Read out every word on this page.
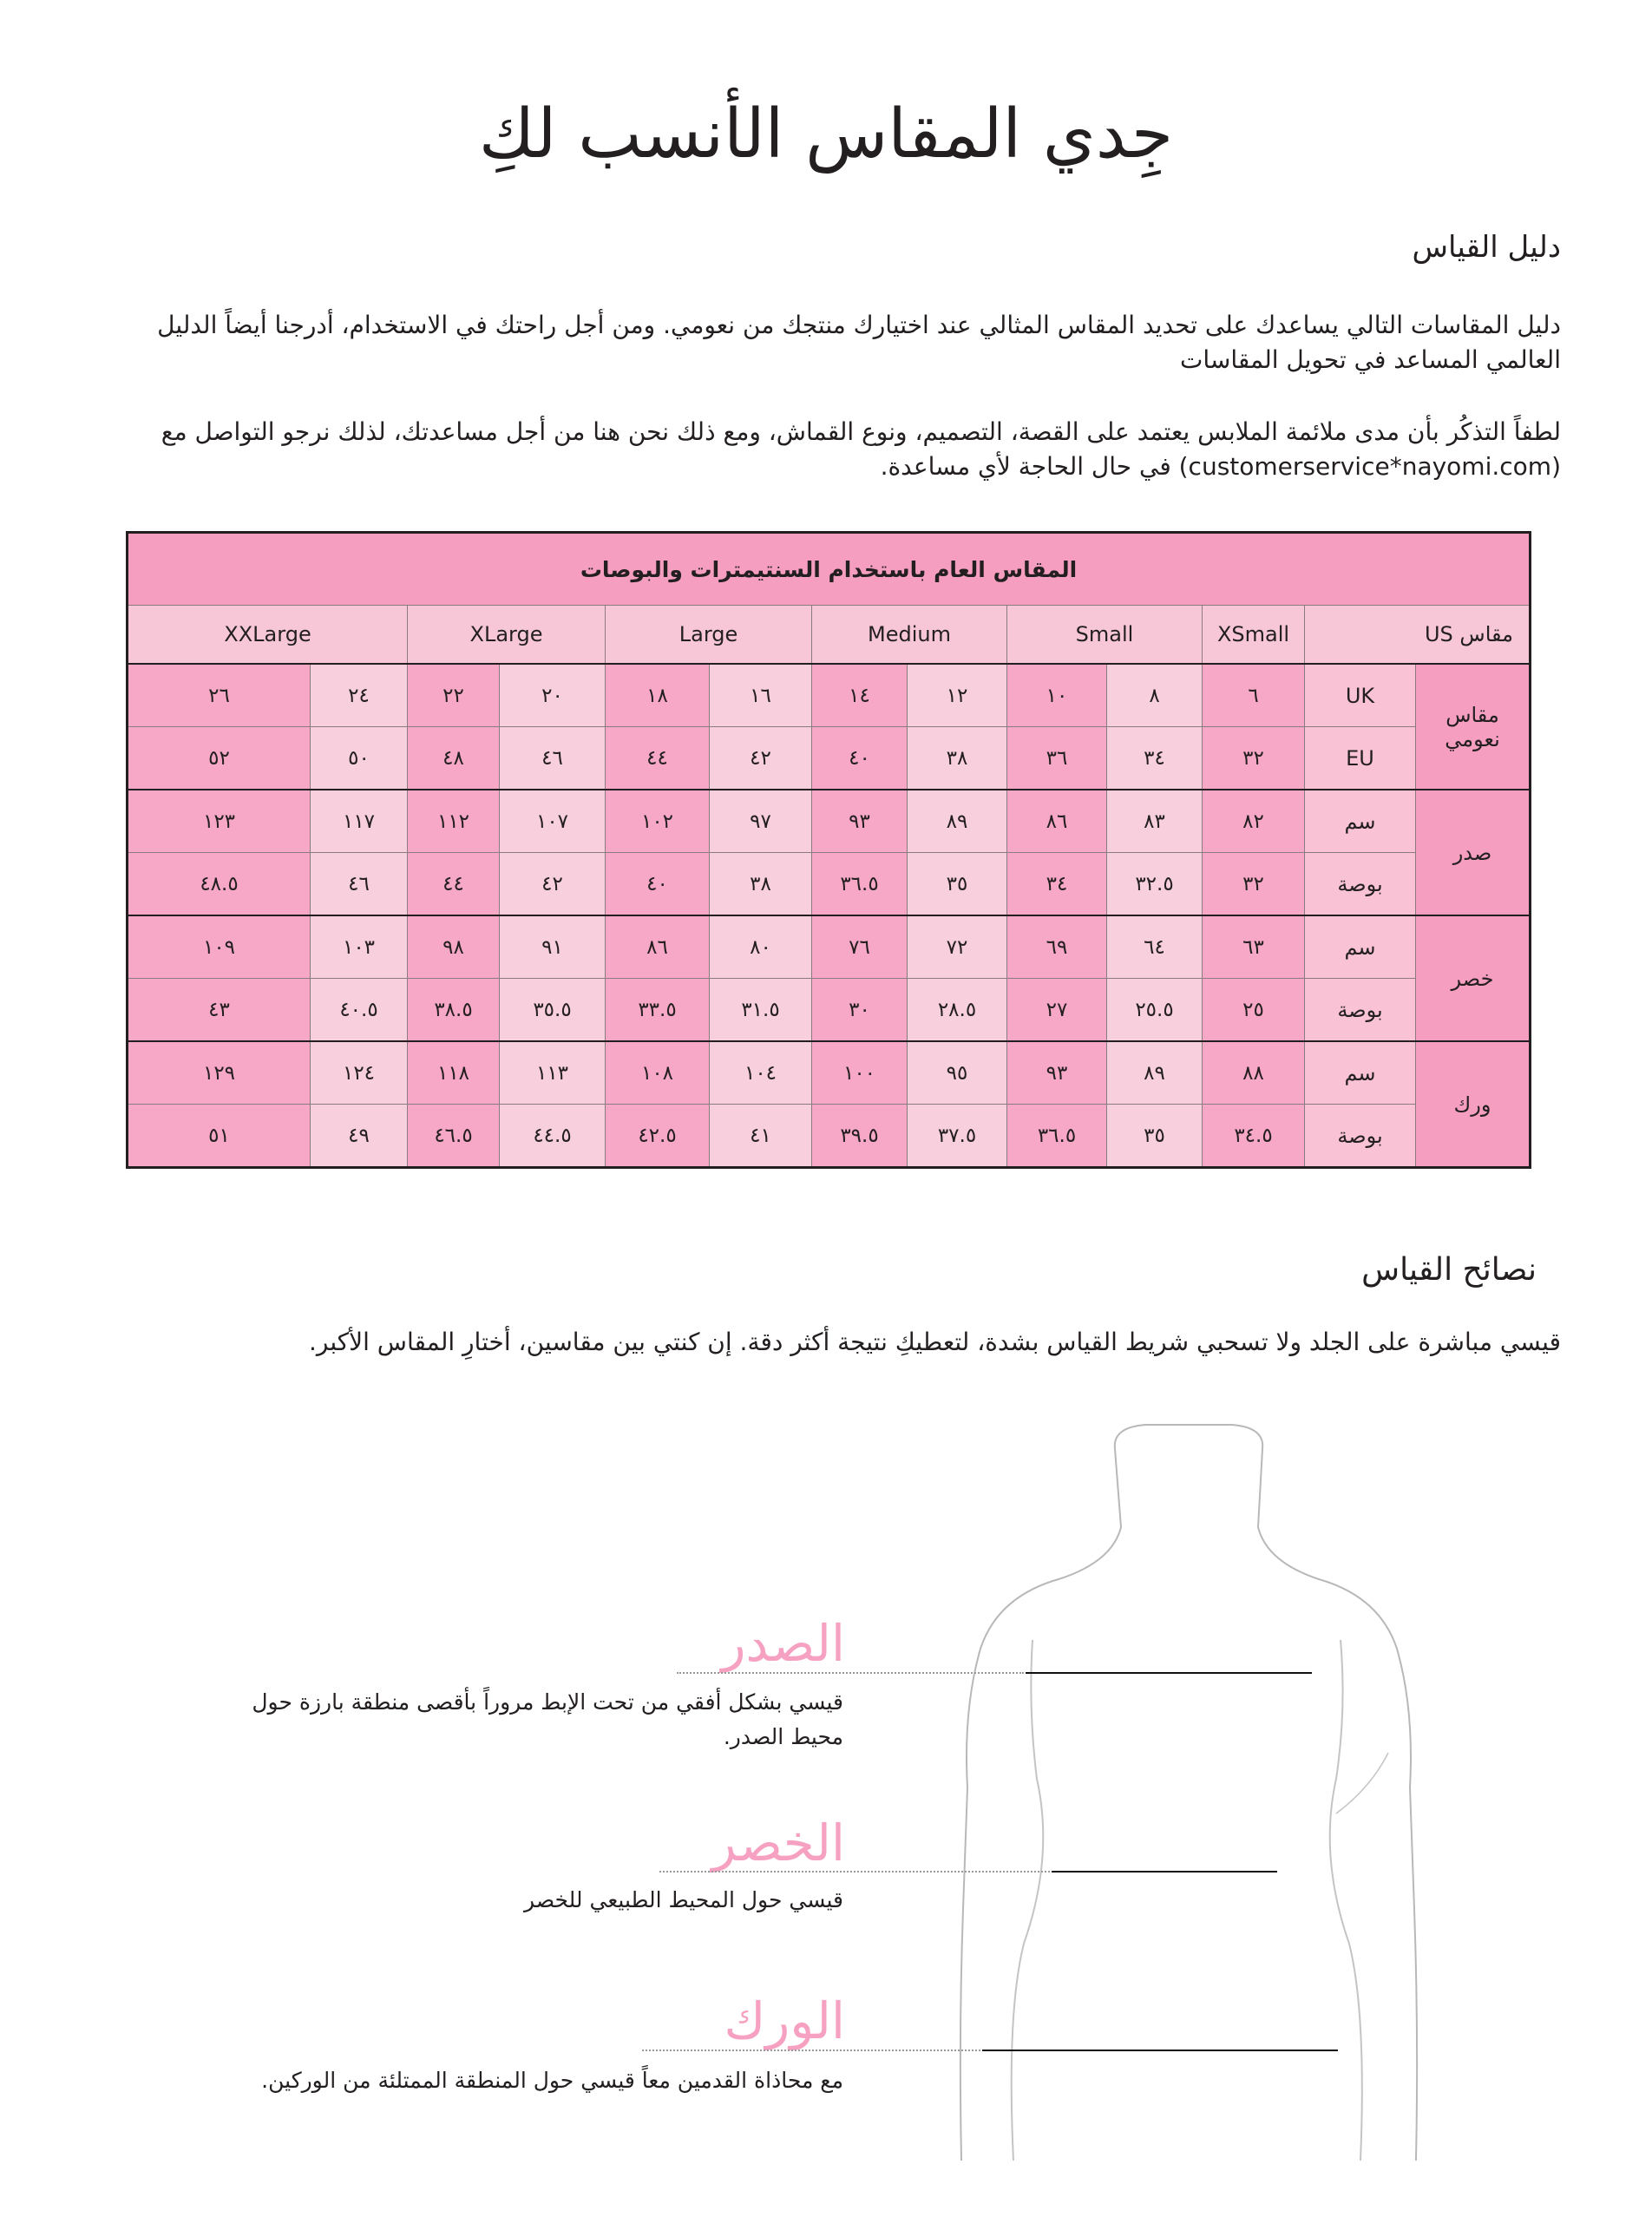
جِدي المقاس الأنسب لكِ
دليل القياس
دليل المقاسات التالي يساعدك على تحديد المقاس المثالي عند اختيارك منتجك من نعومي. ومن أجل راحتك في الاستخدام، أدرجنا أيضاً الدليل العالمي المساعد في تحويل المقاسات
لطفاً التذكُر بأن مدى ملائمة الملابس يعتمد على القصة، التصميم، ونوع القماش، ومع ذلك نحن هنا من أجل مساعدتك، لذلك نرجو التواصل مع (customerservice*nayomi.com) في حال الحاجة لأي مساعدة.
المقاس العام باستخدام السنتيمترات والبوصات												
مقاس US		XSmall	Small		Medium		Large		XLarge		XXLarge	
مقاس نعومي	UK	٦	٨	١٠	١٢	١٤	١٦	١٨	٢٠	٢٢	٢٤	٢٦
	EU	٣٢	٣٤	٣٦	٣٨	٤٠	٤٢	٤٤	٤٦	٤٨	٥٠	٥٢
صدر	سم	٨٢	٨٣	٨٦	٨٩	٩٣	٩٧	١٠٢	١٠٧	١١٢	١١٧	١٢٣
	بوصة	٣٢	٣٢.٥	٣٤	٣٥	٣٦.٥	٣٨	٤٠	٤٢	٤٤	٤٦	٤٨.٥
خصر	سم	٦٣	٦٤	٦٩	٧٢	٧٦	٨٠	٨٦	٩١	٩٨	١٠٣	١٠٩
	بوصة	٢٥	٢٥.٥	٢٧	٢٨.٥	٣٠	٣١.٥	٣٣.٥	٣٥.٥	٣٨.٥	٤٠.٥	٤٣
ورك	سم	٨٨	٨٩	٩٣	٩٥	١٠٠	١٠٤	١٠٨	١١٣	١١٨	١٢٤	١٢٩
	بوصة	٣٤.٥	٣٥	٣٦.٥	٣٧.٥	٣٩.٥	٤١	٤٢.٥	٤٤.٥	٤٦.٥	٤٩	٥١
نصائح القياس
قيسي مباشرة على الجلد ولا تسحبي شريط القياس بشدة، لتعطيكِ نتيجة أكثر دقة. إن كنتي بين مقاسين، أختارِ المقاس الأكبر.
الصدر
قيسي بشكل أفقي من تحت الإبط مروراً بأقصى منطقة بارزة حول محيط الصدر.
الخصر
قيسي حول المحيط الطبيعي للخصر
الورك
مع محاذاة القدمين معاً قيسي حول المنطقة الممتلئة من الوركين.
